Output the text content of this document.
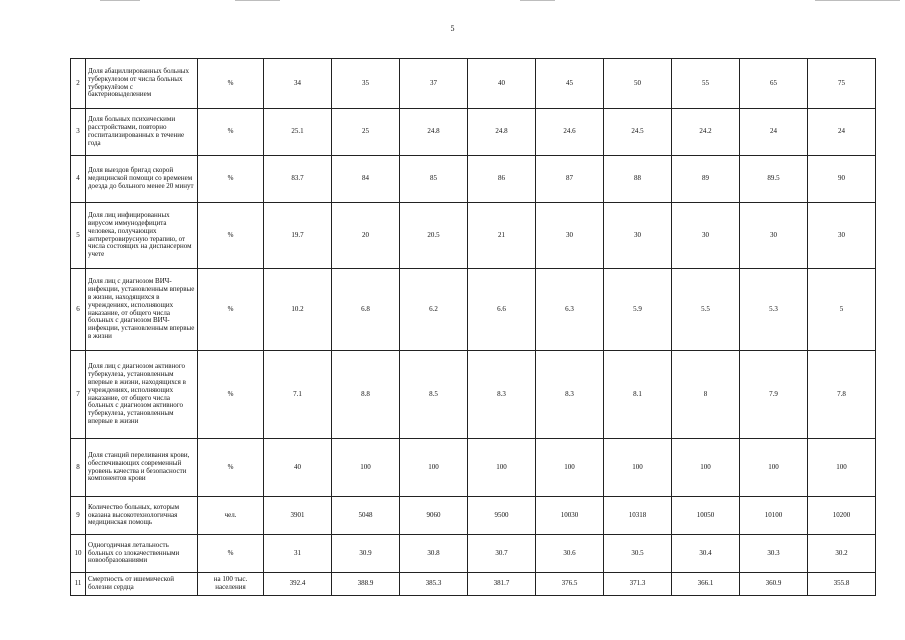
5
2	Доля абациллированных больных туберкулезом от числа больных туберкулёзом с бактериовыделением	%	34	35	37	40	45	50	55	65	75
3	Доля больных психическими расстройствами, повторно госпитализированных в течение года	%	25.1	25	24.8	24.8	24.6	24.5	24.2	24	24
4	Доля выездов бригад скорой медицинской помощи со временем доезда до больного менее 20 минут	%	83.7	84	85	86	87	88	89	89.5	90
5	Доля лиц инфицированных вирусом иммунодефицита человека, получающих антиретровирусную терапию, от числа состоящих на диспансерном учете	%	19.7	20	20.5	21	30	30	30	30	30
6	Доля лиц с диагнозом ВИЧ-инфекции, установленным впервые в жизни, находящихся в учреждениях, исполняющих наказание, от общего числа больных с диагнозом ВИЧ-инфекции, установленным впервые в жизни	%	10.2	6.8	6.2	6.6	6.3	5.9	5.5	5.3	5
7	Доля лиц с диагнозом активного туберкулеза, установленным впервые в жизни, находящихся в учреждениях, исполняющих наказание, от общего числа больных с диагнозом активного туберкулеза, установленным впервые в жизни	%	7.1	8.8	8.5	8.3	8.3	8.1	8	7.9	7.8
8	Доля станций переливания крови, обеспечивающих современный уровень качества и безопасности компонентов крови	%	40	100	100	100	100	100	100	100	100
9	Количество больных, которым оказана высокотехнологичная медицинская помощь	чел.	3901	5048	9060	9500	10030	10318	10050	10100	10200
10	Одногодичная летальность больных со злокачественными новообразованиями	%	31	30.9	30.8	30.7	30.6	30.5	30.4	30.3	30.2
11	Смертность от ишемической болезни сердца	на 100 тыс. населения	392.4	388.9	385.3	381.7	376.5	371.3	366.1	360.9	355.8
